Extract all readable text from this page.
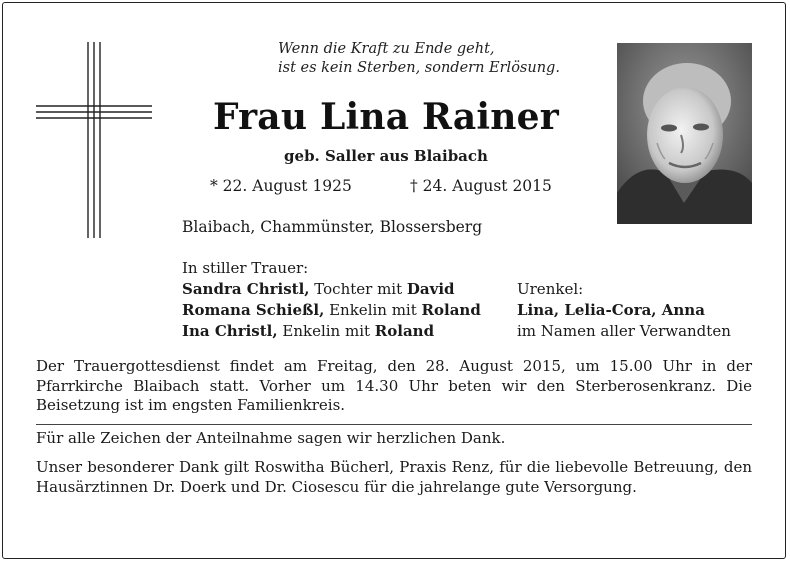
Wenn die Kraft zu Ende geht,
ist es kein Sterben, sondern Erlösung.
Frau Lina Rainer
geb. Saller aus Blaibach
* 22. August 1925	† 24. August 2015
Blaibach, Chammünster, Blossersberg
In stiller Trauer:
Sandra Christl, Tochter mit David
Romana Schießl, Enkelin mit Roland
Ina Christl, Enkelin mit Roland
Urenkel:
Lina, Lelia-Cora, Anna
im Namen aller Verwandten
Der Trauergottesdienst findet am Freitag, den 28. August 2015, um 15.00 Uhr in der Pfarrkirche Blaibach statt. Vorher um 14.30 Uhr beten wir den Sterberosenkranz. Die Beisetzung ist im engsten Familienkreis.
Für alle Zeichen der Anteilnahme sagen wir herzlichen Dank.
Unser besonderer Dank gilt Roswitha Bücherl, Praxis Renz, für die liebevolle Betreuung, den Hausärztinnen Dr. Doerk und Dr. Ciosescu für die jahrelange gute Versorgung.
